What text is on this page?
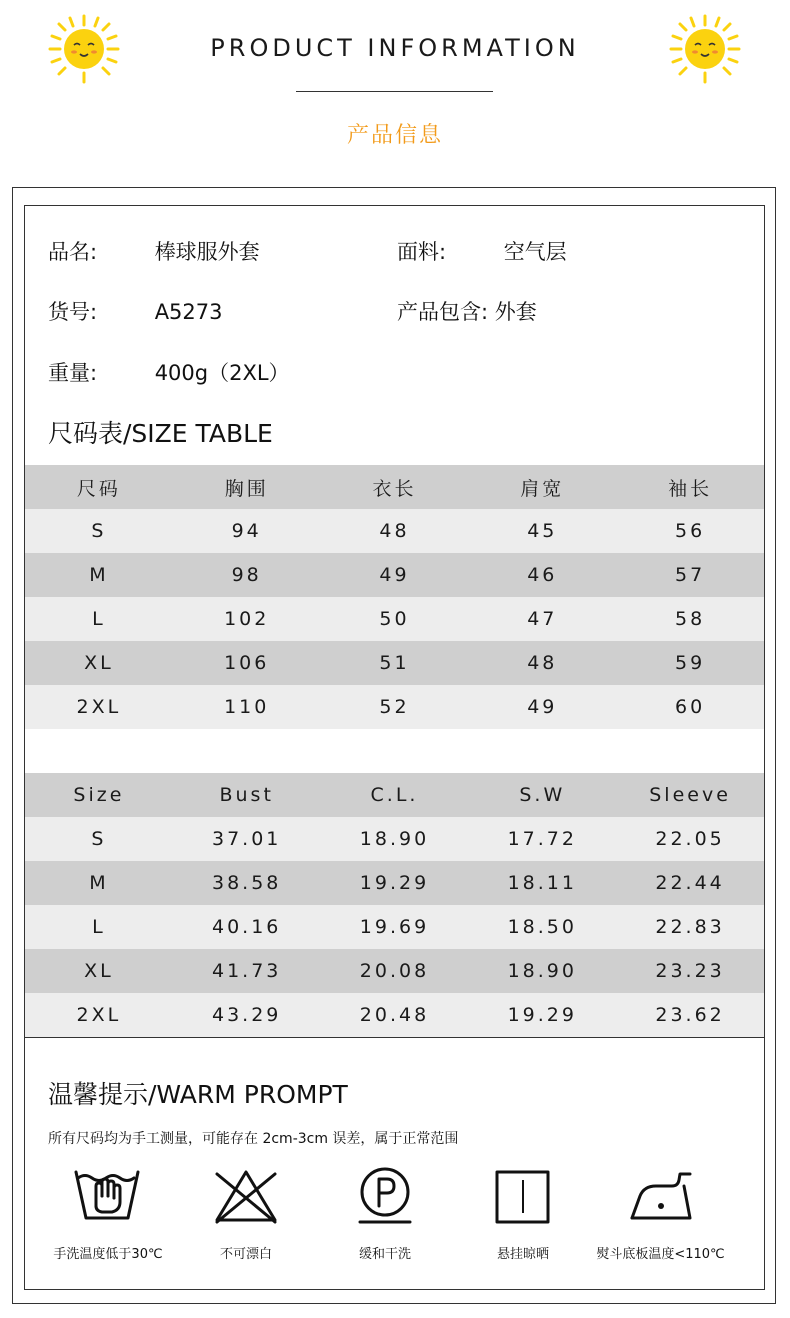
PRODUCT INFORMATION
产品信息
品名:	棒球服外套	面料:	空气层
货号:	A5273	产品包含: 外套
重量:	400g（2XL）
尺码表/SIZE TABLE
尺码	胸围	衣长	肩宽	袖长
S	94	48	45	56
M	98	49	46	57
L	102	50	47	58
XL	106	51	48	59
2XL	110	52	49	60
Size	Bust	C.L.	S.W	Sleeve
S	37.01	18.90	17.72	22.05
M	38.58	19.29	18.11	22.44
L	40.16	19.69	18.50	22.83
XL	41.73	20.08	18.90	23.23
2XL	43.29	20.48	19.29	23.62
温馨提示/WARM PROMPT
所有尺码均为手工测量，可能存在 2cm-3cm 误差，属于正常范围
手洗温度低于30℃	不可漂白	缓和干洗	悬挂晾晒	熨斗底板温度<110℃
